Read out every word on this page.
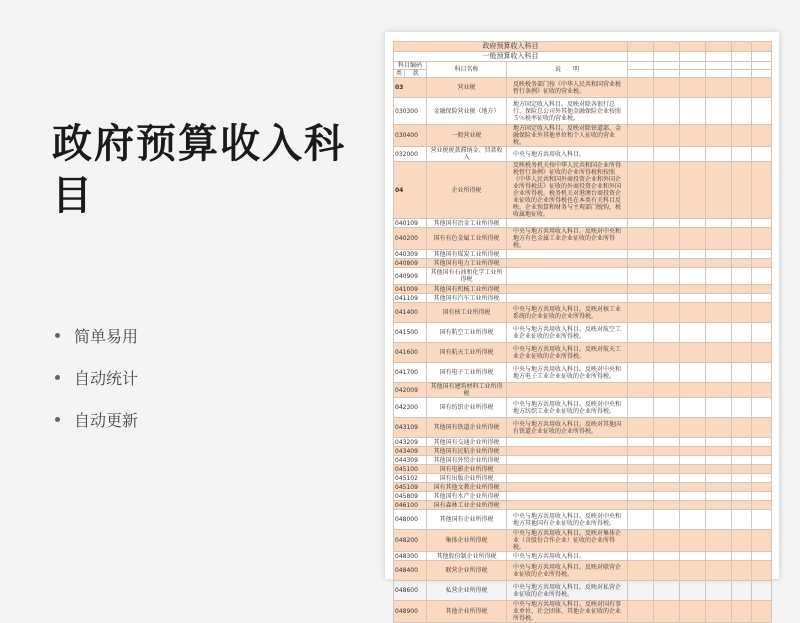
政府预算收入科目
简单易用
自动统计
自动更新
政府预算收入科目									
一般预算收入科目									
科目编码		科目名称	说　　明						
类	款								
03		营业税	反映税务部门按《中华人民共和国营业税暂行条例》征收的营业税。						
030300		金融保险营业税（地方）	地方固定收入科目。反映对除各银行总行、保险总公司外其他金融保险企业按照５％税率征收的营业税。						
030400		一般营业税	地方固定收入科目。反映对除铁道部、金融保险业外其他单位和个人征收的营业税。						
032000		营业税税款滞纳金、罚款收入	中央与地方共用收入科目。						
04		企业所得税	反映税务机关按中华人民共和国企业所得税暂行条例》征收的企业所得税和按照《中华人民共和国外商投资企业和外国企业所得税法》征收的外商投资企业和外国企业所得税。税务机关对港澳台商投资企业征收的企业所得税也在本类有关科目反映。企业预算和财务与主观部门脱钩，税收属地征收。						
040109		其他国有冶金工业所得税							
040200		国有有色金属工业所得税	中央与地方共用收入科目。反映对中央和地方有色金属工业企业征收的企业所得税。						
040309		其他国有煤炭工业所得税							
040809		其他国有电力工业所得税							
040909		其他国有石油和化学工业所得税							
041009		其他国有机械工业所得税							
041109		其他国有汽车工业所得税							
041400		国有核工业所得税	中央与地方共用收入科目。反映对核工业系统的企业征收的企业所得税。						
041500		国有航空工业所得税	中央与地方共用收入科目。反映对航空工业企业征收的企业所得税。						
041600		国有航天工业所得税	中央与地方共用收入科目。反映对航天工业企业征收的企业所得税。						
041700		国有电子工业所得税	中央与地方共用收入科目。反映对中央和地方电子工业企业征收的企业所得税。						
042009		其他国有建筑材料工业所得税							
042300		国有纺织企业所得税	中央与地方共用收入科目。反映对中央和地方纺织工业企业征收的企业所得税。						
043109		其他国有铁道企业所得税	中央与地方共用收入科目。反映对其他国有铁道企业征收的企业所得税。						
043209		其他国有交通企业所得税							
043409		其他国有民航企业所得税							
044309		其他国有外贸企业所得税							
045100		国有电影企业所得税							
045102		国有出版企业所得税							
045109		国有其他文教企业所得税							
045809		其他国有水产企业所得税							
046100		国有森林工业企业所得税							
048000		其他国有企业所得税	中央与地方共用收入科目。反映对中央和地方其他国有企业征收的企业所得税。						
048200		集体企业所得税	中央与地方共用收入科目。反映对集体企业（含股份合作企业）征收的企业所得税。						
048300		其他股份制企业所得税	中央与地方共用收入科目。						
048400		联营企业所得税	中央与地方共用收入科目。反映对联营企业征收的企业所得税。						
048600		私营企业所得税	中央与地方共用收入科目。反映对私营企业征收的企业所得税。						
048900		其他企业所得税	中央与地方共用收入科目。反映对国有事业单位、社会团体、其他企业征收的企业所得税。						
